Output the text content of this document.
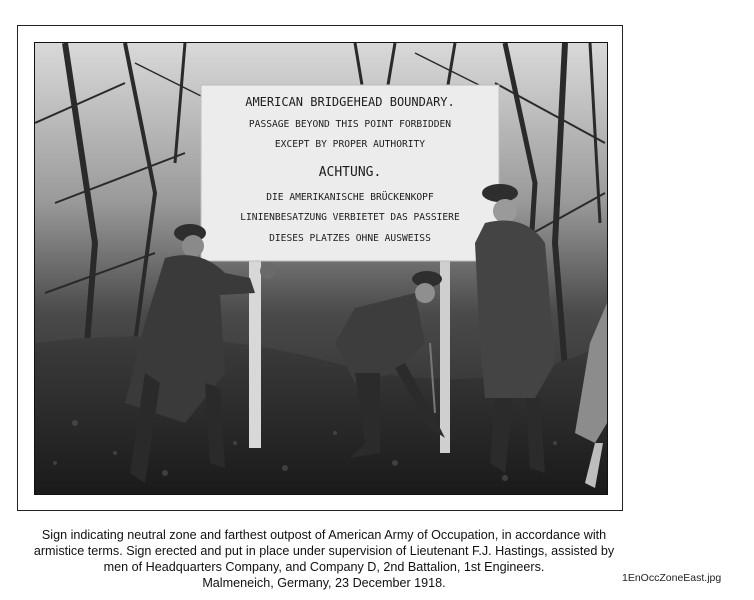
AMERICAN BRIDGEHEAD BOUNDARY.
PASSAGE BEYOND THIS POINT FORBIDDEN
EXCEPT BY PROPER AUTHORITY
ACHTUNG.
DIE AMERIKANISCHE BRÜCKENKOPF
LINIENBESATZUNG VERBIETET DAS PASSIERE
DIESES PLATZES OHNE AUSWEISS
Sign indicating neutral zone and farthest outpost of American Army of Occupation, in accordance with
armistice terms. Sign erected and put in place under supervision of Lieutenant F.J. Hastings, assisted by
men of Headquarters Company, and Company D, 2nd Battalion, 1st Engineers.
Malmeneich, Germany, 23 December 1918.	1EnOccZoneEast.jpg
